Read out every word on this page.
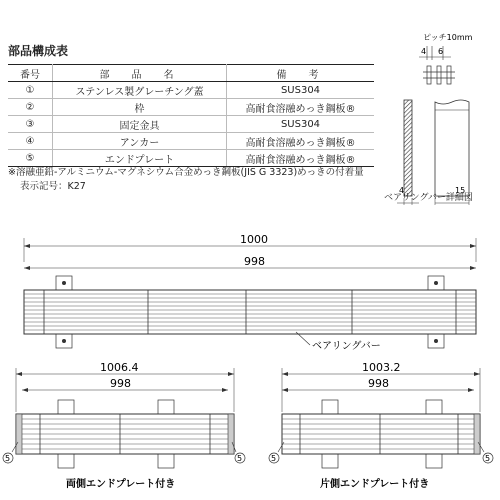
部品構成表
番号	部　品　名	備　考
①	ステンレス製グレーチング蓋	SUS304
②	枠	高耐食溶融めっき鋼板®
③	固定金具	SUS304
④	アンカー	高耐食溶融めっき鋼板®
⑤	エンドプレート	高耐食溶融めっき鋼板®
※溶融亜鉛-アルミニウム-マグネシウム合金めっき鋼板(JIS G 3323)めっきの付着量
表示記号：K27
ピッチ10mm
4 6
4	15
ベアリングバー詳細図
1000
998
ベアリングバー
1006.4
998
5	5
両側エンドプレート付き
1003.2
998
5	5
片側エンドプレート付き
